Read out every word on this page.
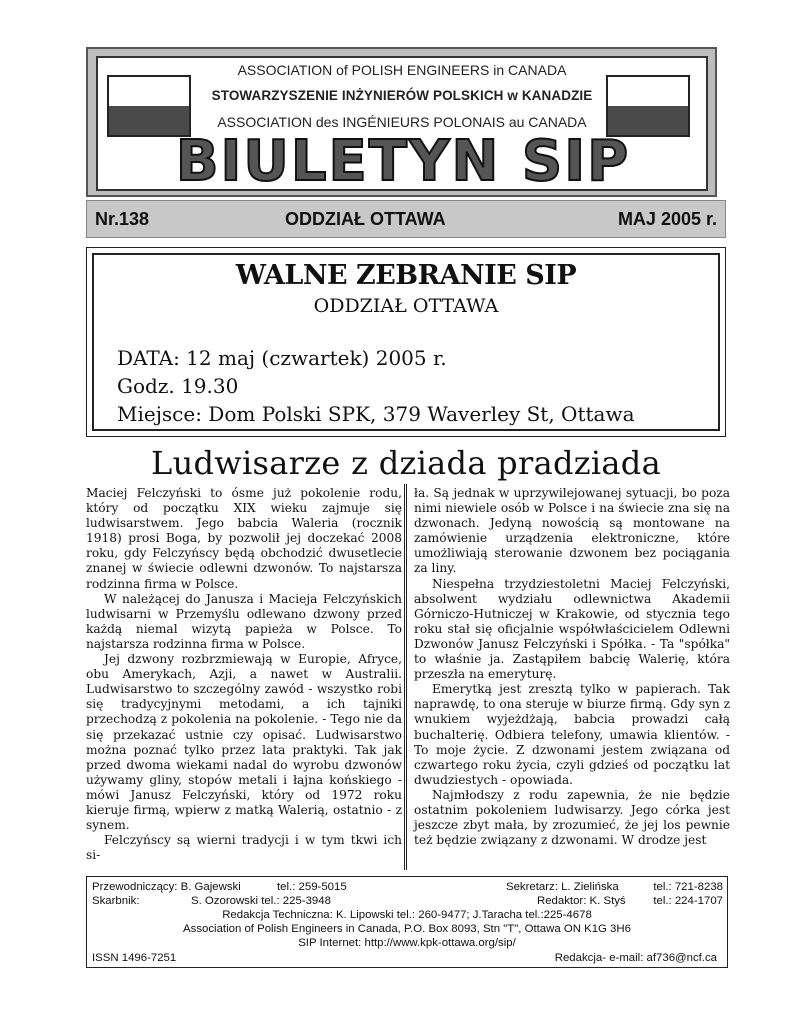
ASSOCIATION of POLISH ENGINEERS in CANADA
STOWARZYSZENIE INŻYNIERÓW POLSKICH w KANADZIE
ASSOCIATION des INGÉNIEURS POLONAIS au CANADA
BIULETYN SIP
Nr.138	ODDZIAŁ OTTAWA	MAJ 2005 r.
WALNE ZEBRANIE SIP
ODDZIAŁ OTTAWA
DATA: 12 maj (czwartek) 2005 r.
Godz. 19.30
Miejsce: Dom Polski SPK, 379 Waverley St, Ottawa
Ludwisarze z dziada pradziada

Maciej Felczyński to ósme już pokolenie rodu, który od początku XIX wieku zajmuje się ludwisarstwem. Jego babcia Waleria (rocznik 1918) prosi Boga, by pozwolił jej doczekać 2008 roku, gdy Felczyńscy będą obchodzić dwusetlecie znanej w świecie odlewni dzwonów. To najstarsza rodzinna firma w Polsce.

W należącej do Janusza i Macieja Felczyńskich ludwisarni w Przemyślu odlewano dzwony przed każdą niemal wizytą papieża w Polsce. To najstarsza rodzinna firma w Polsce.

Jej dzwony rozbrzmiewają w Europie, Afryce, obu Amerykach, Azji, a nawet w Australii. Ludwisarstwo to szczególny zawód - wszystko robi się tradycyjnymi metodami, a ich tajniki przechodzą z pokolenia na pokolenie. - Tego nie da się przekazać ustnie czy opisać. Ludwisarstwo można poznać tylko przez lata praktyki. Tak jak przed dwoma wiekami nadal do wyrobu dzwonów używamy gliny, stopów metali i łajna końskiego - mówi Janusz Felczyński, który od 1972 roku kieruje firmą, wpierw z matką Walerią, ostatnio - z synem.

Felczyńscy są wierni tradycji i w tym tkwi ich si-

ła. Są jednak w uprzywilejowanej sytuacji, bo poza nimi niewiele osób w Polsce i na świecie zna się na dzwonach. Jedyną nowością są montowane na zamówienie urządzenia elektroniczne, które umożliwiają sterowanie dzwonem bez pociągania za liny.

Niespełna trzydziestoletni Maciej Felczyński, absolwent wydziału odlewnictwa Akademii Górniczo-Hutniczej w Krakowie, od stycznia tego roku stał się oficjalnie współwłaścicielem Odlewni Dzwonów Janusz Felczyński i Spółka. - Ta "spółka" to właśnie ja. Zastąpiłem babcię Walerię, która przeszła na emeryturę.

Emerytką jest zresztą tylko w papierach. Tak naprawdę, to ona steruje w biurze firmą. Gdy syn z wnukiem wyjeżdżają, babcia prowadzi całą buchalterię. Odbiera telefony, umawia klientów. - To moje życie. Z dzwonami jestem związana od czwartego roku życia, czyli gdzieś od początku lat dwudziestych - opowiada.

Najmłodszy z rodu zapewnia, że nie będzie ostatnim pokoleniem ludwisarzy. Jego córka jest jeszcze zbyt mała, by zrozumieć, że jej los pewnie też będzie związany z dzwonami. W drodze jest

Przewodniczący: B. Gajewski	tel.: 259-5015	Sekretarz: L. Zielińska	tel.: 721-8238
Skarbnik:	S. Ozorowski tel.: 225-3948	Redaktor: K. Styś tel.: 224-1707
Redakcja Techniczna: K. Lipowski tel.: 260-9477; J.Taracha tel.:225-4678
Association of Polish Engineers in Canada, P.O. Box 8093, Stn "T", Ottawa ON K1G 3H6
SIP Internet: http://www.kpk-ottawa.org/sip/
ISSN 1496-7251	Redakcja- e-mail: af736@ncf.ca
